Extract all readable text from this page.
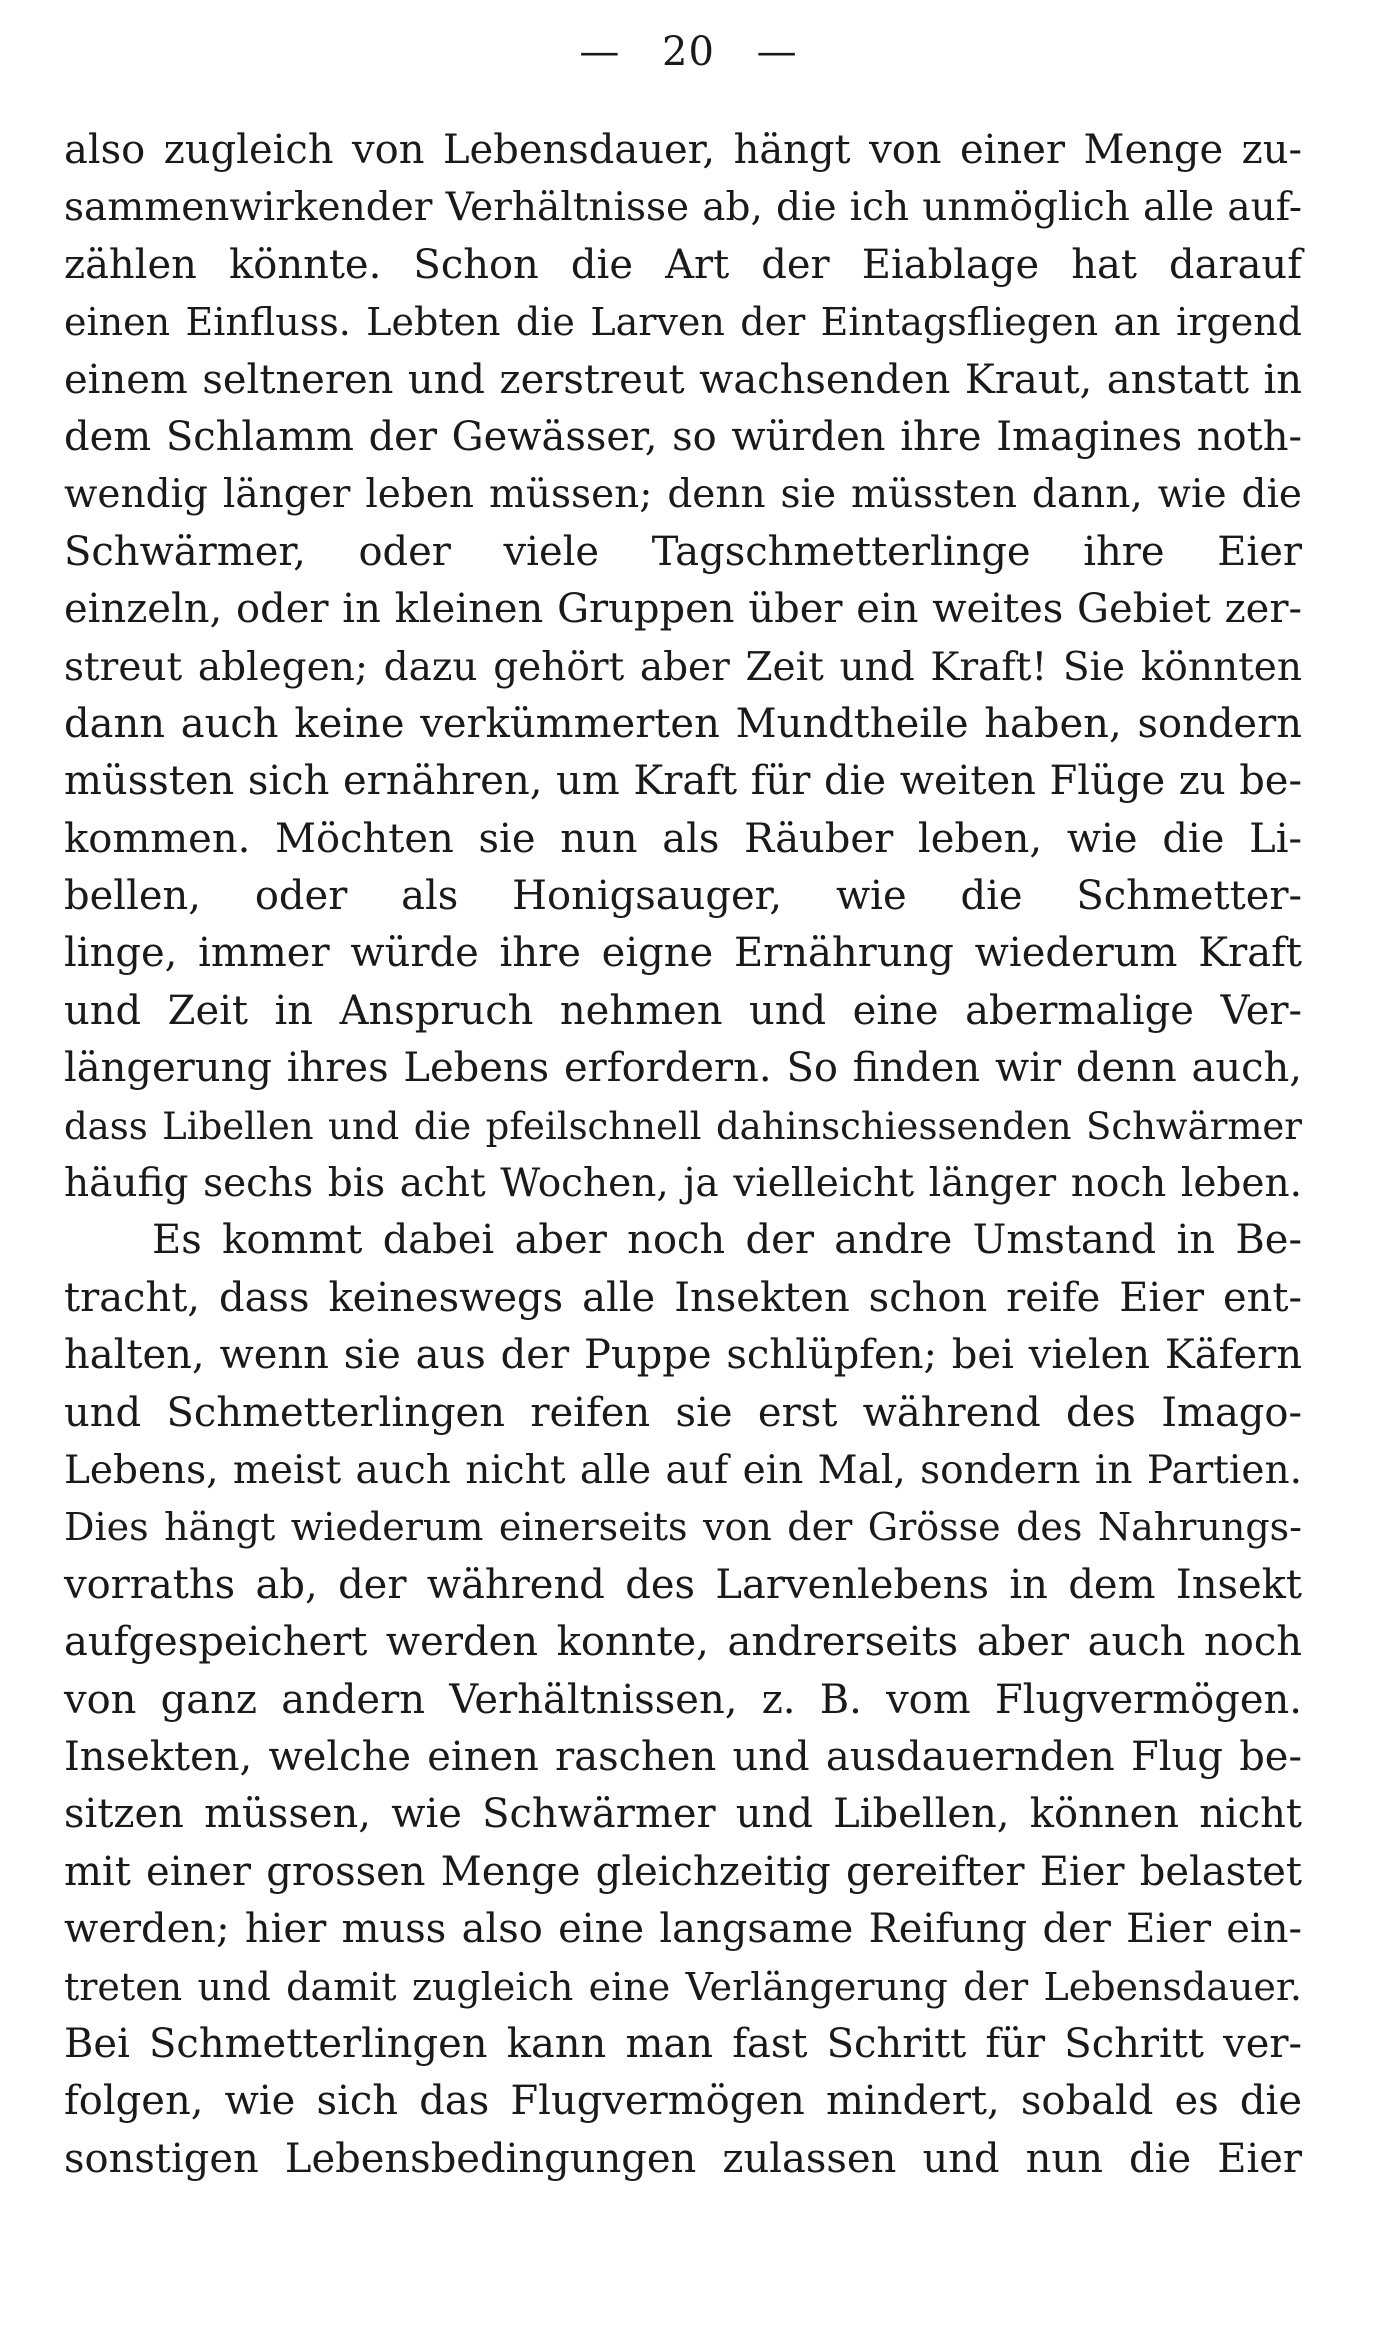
— 20 —
also zugleich von Lebensdauer, hängt von einer Menge zu-
sammenwirkender Verhältnisse ab, die ich unmöglich alle auf-
zählen könnte. Schon die Art der Eiablage hat darauf
einen Einfluss. Lebten die Larven der Eintagsfliegen an irgend
einem seltneren und zerstreut wachsenden Kraut, anstatt in
dem Schlamm der Gewässer, so würden ihre Imagines noth-
wendig länger leben müssen; denn sie müssten dann, wie die
Schwärmer, oder viele Tagschmetterlinge ihre Eier
einzeln, oder in kleinen Gruppen über ein weites Gebiet zer-
streut ablegen; dazu gehört aber Zeit und Kraft! Sie könnten
dann auch keine verkümmerten Mundtheile haben, sondern
müssten sich ernähren, um Kraft für die weiten Flüge zu be-
kommen. Möchten sie nun als Räuber leben, wie die Li-
bellen, oder als Honigsauger, wie die Schmetter-
linge, immer würde ihre eigne Ernährung wiederum Kraft
und Zeit in Anspruch nehmen und eine abermalige Ver-
längerung ihres Lebens erfordern. So finden wir denn auch,
dass Libellen und die pfeilschnell dahinschiessenden Schwärmer
häufig sechs bis acht Wochen, ja vielleicht länger noch leben.
Es kommt dabei aber noch der andre Umstand in Be-
tracht, dass keineswegs alle Insekten schon reife Eier ent-
halten, wenn sie aus der Puppe schlüpfen; bei vielen Käfern
und Schmetterlingen reifen sie erst während des Imago-
Lebens, meist auch nicht alle auf ein Mal, sondern in Partien.
Dies hängt wiederum einerseits von der Grösse des Nahrungs-
vorraths ab, der während des Larvenlebens in dem Insekt
aufgespeichert werden konnte, andrerseits aber auch noch
von ganz andern Verhältnissen, z. B. vom Flugvermögen.
Insekten, welche einen raschen und ausdauernden Flug be-
sitzen müssen, wie Schwärmer und Libellen, können nicht
mit einer grossen Menge gleichzeitig gereifter Eier belastet
werden; hier muss also eine langsame Reifung der Eier ein-
treten und damit zugleich eine Verlängerung der Lebensdauer.
Bei Schmetterlingen kann man fast Schritt für Schritt ver-
folgen, wie sich das Flugvermögen mindert, sobald es die
sonstigen Lebensbedingungen zulassen und nun die Eier
